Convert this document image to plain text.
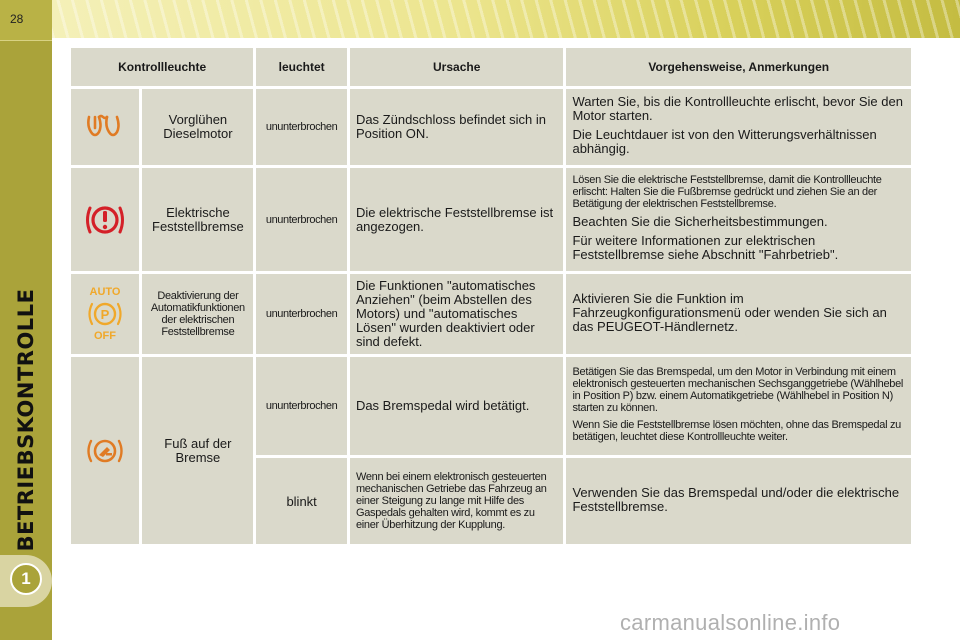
28
BETRIEBSKONTROLLE
1
Kontrollleuchte		leuchtet	Ursache	Vorgehensweise, Anmerkungen

	Vorglühen Dieselmotor	ununterbrochen	Das Zündschloss befindet sich in Position ON.	Warten Sie, bis die Kontrollleuchte erlischt, bevor Sie den Motor starten.

Die Leuchtdauer ist von den Witterungsverhältnissen abhängig.

	Elektrische Feststellbremse	ununterbrochen	Die elektrische Feststellbremse ist angezogen.	Lösen Sie die elektrische Feststellbremse, damit die Kontrollleuchte erlischt: Halten Sie die Fußbremse gedrückt und ziehen Sie an der Betätigung der elektrischen Feststellbremse.

Beachten Sie die Sicherheitsbestimmungen.

Für weitere Informationen zur elektrischen Feststellbremse siehe Abschnitt "Fahrbetrieb".

AUTO
P
OFF	Deaktivierung der Automatikfunktionen der elektrischen Feststellbremse	ununterbrochen	Die Funktionen "automatisches Anziehen" (beim Abstellen des Motors) und "automatisches Lösen" wurden deaktiviert oder sind defekt.	Aktivieren Sie die Funktion im Fahrzeugkonfigurationsmenü oder wenden Sie sich an das PEUGEOT-Händlernetz.

	Fuß auf der Bremse	ununterbrochen	Das Bremspedal wird betätigt.	Betätigen Sie das Bremspedal, um den Motor in Verbindung mit einem elektronisch gesteuerten mechanischen Sechsganggetriebe (Wählhebel in Position P) bzw. einem Automatikgetriebe (Wählhebel in Position N) starten zu können.

Wenn Sie die Feststellbremse lösen möchten, ohne das Bremspedal zu betätigen, leuchtet diese Kontrollleuchte weiter.

		blinkt	Wenn bei einem elektronisch gesteuerten mechanischen Getriebe das Fahrzeug an einer Steigung zu lange mit Hilfe des Gaspedals gehalten wird, kommt es zu einer Überhitzung der Kupplung.	Verwenden Sie das Bremspedal und/oder die elektrische Feststellbremse.

carmanualsonline.info
